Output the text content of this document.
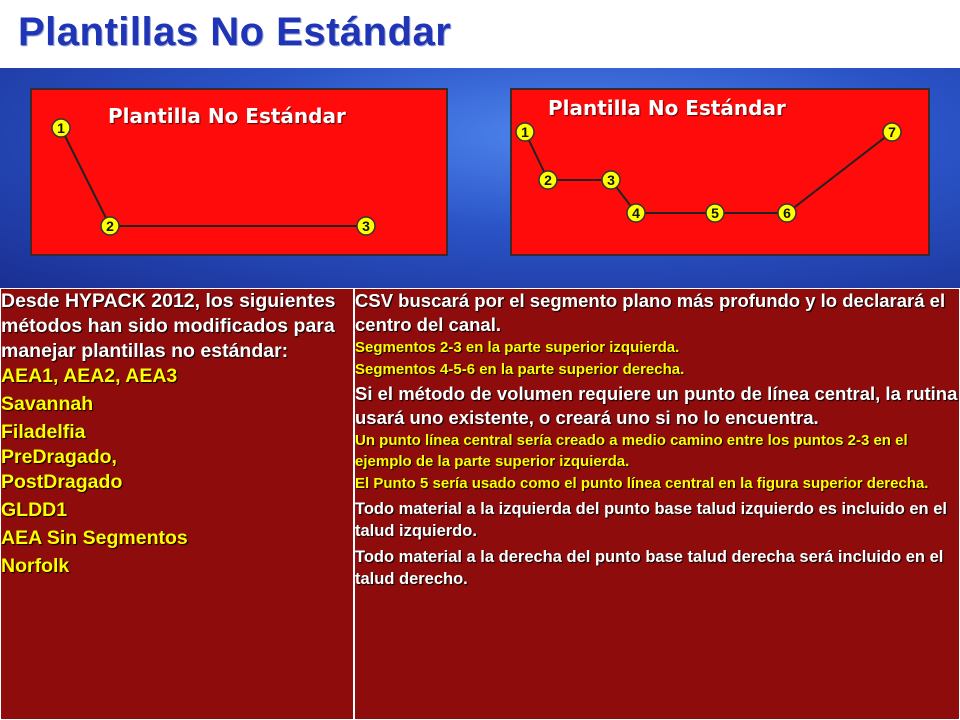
Plantillas No Estándar
Plantilla No Estándar
1
2	3
Plantilla No Estándar
1
2	3
4	5	6
7
▪ Desde HYPACK 2012, los siguientes métodos han sido modificados para manejar plantillas no estándar:
▪ AEA1, AEA2, AEA3
▪ Savannah
▪ Filadelfia PreDragado, PostDragado
▪ GLDD1
▪ AEA Sin Segmentos
▪ Norfolk
▪ CSV buscará por el segmento plano más profundo y lo declarará el centro del canal.
▪ Segmentos 2-3 en la parte superior izquierda.
▪ Segmentos 4-5-6 en la parte superior derecha.
▪ Si el método de volumen requiere un punto de línea central, la rutina usará uno existente, o creará uno si no lo encuentra.
▪ Un punto línea central sería creado a medio camino entre los puntos 2-3 en el ejemplo de la parte superior izquierda.
▪ El Punto 5 sería usado como el punto línea central en la figura superior derecha.
▪ Todo material a la izquierda del punto base talud izquierdo es incluido en el talud izquierdo.
▪ Todo material a la derecha del punto base talud derecha será incluido en el talud derecho.
